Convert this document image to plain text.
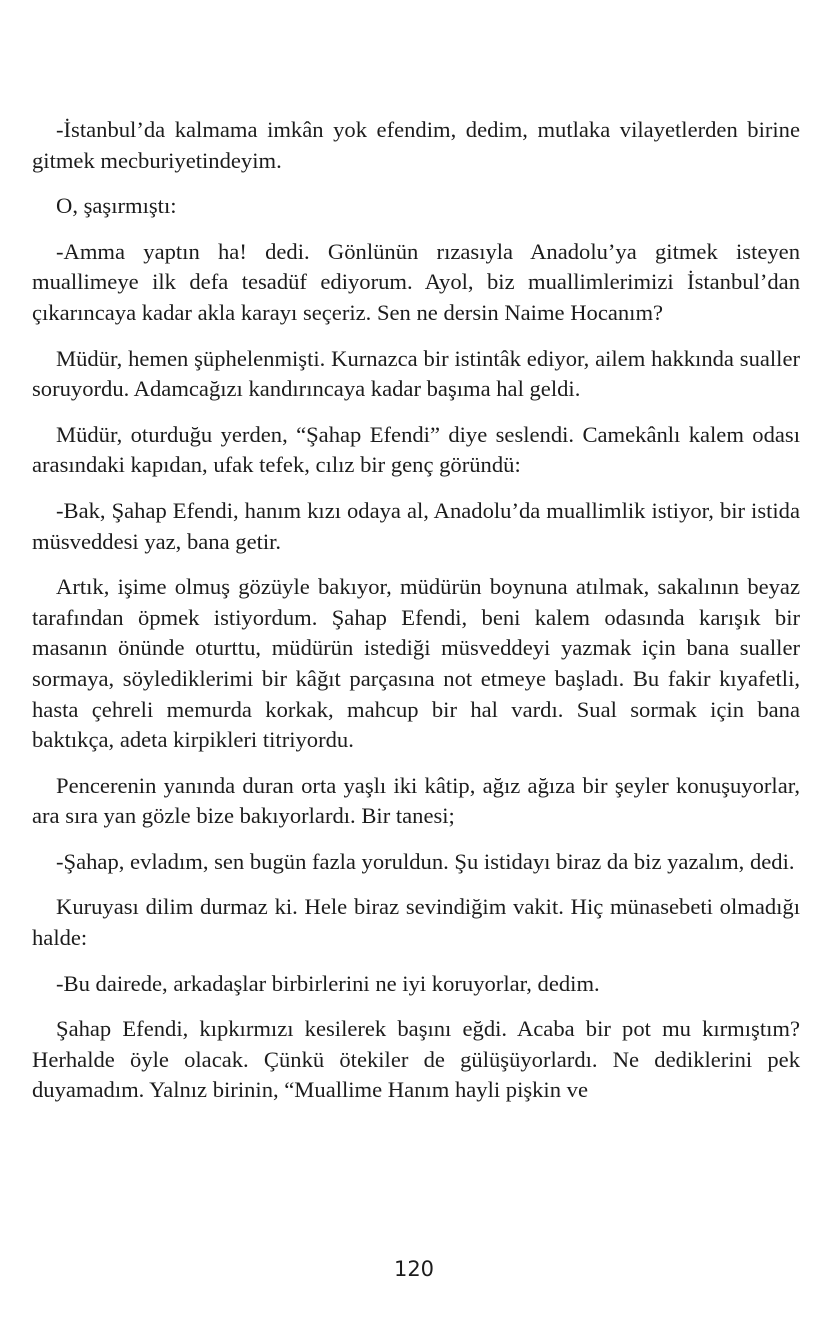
-İstanbul’da kalmama imkân yok efendim, dedim, mutlaka vilayetlerden birine gitmek mecburiyetindeyim.

O, şaşırmıştı:

-Amma yaptın ha! dedi. Gönlünün rızasıyla Anadolu’ya gitmek isteyen muallimeye ilk defa tesadüf ediyorum. Ayol, biz muallimlerimizi İstanbul’dan çıkarıncaya kadar akla karayı seçeriz. Sen ne dersin Naime Hocanım?

Müdür, hemen şüphelenmişti. Kurnazca bir istintâk ediyor, ailem hakkında sualler soruyordu. Adamcağızı kandırıncaya kadar başıma hal geldi.

Müdür, oturduğu yerden, “Şahap Efendi” diye seslendi. Camekânlı kalem odası arasındaki kapıdan, ufak tefek, cılız bir genç göründü:

-Bak, Şahap Efendi, hanım kızı odaya al, Anadolu’da muallimlik istiyor, bir istida müsveddesi yaz, bana getir.

Artık, işime olmuş gözüyle bakıyor, müdürün boynuna atılmak, sakalının beyaz tarafından öpmek istiyordum. Şahap Efendi, beni kalem odasında karışık bir masanın önünde oturttu, müdürün istediği müsveddeyi yazmak için bana sualler sormaya, söylediklerimi bir kâğıt parçasına not etmeye başladı. Bu fakir kıyafetli, hasta çehreli memurda korkak, mahcup bir hal vardı. Sual sormak için bana baktıkça, adeta kirpikleri titriyordu.

Pencerenin yanında duran orta yaşlı iki kâtip, ağız ağıza bir şeyler konuşuyorlar, ara sıra yan gözle bize bakıyorlardı. Bir tanesi;

-Şahap, evladım, sen bugün fazla yoruldun. Şu istidayı biraz da biz yazalım, dedi.

Kuruyası dilim durmaz ki. Hele biraz sevindiğim vakit. Hiç münasebeti olmadığı halde:

-Bu dairede, arkadaşlar birbirlerini ne iyi koruyorlar, dedim.

Şahap Efendi, kıpkırmızı kesilerek başını eğdi. Acaba bir pot mu kırmıştım? Herhalde öyle olacak. Çünkü ötekiler de gülüşüyorlardı. Ne dediklerini pek duyamadım. Yalnız birinin, “Muallime Hanım hayli pişkin ve

120
